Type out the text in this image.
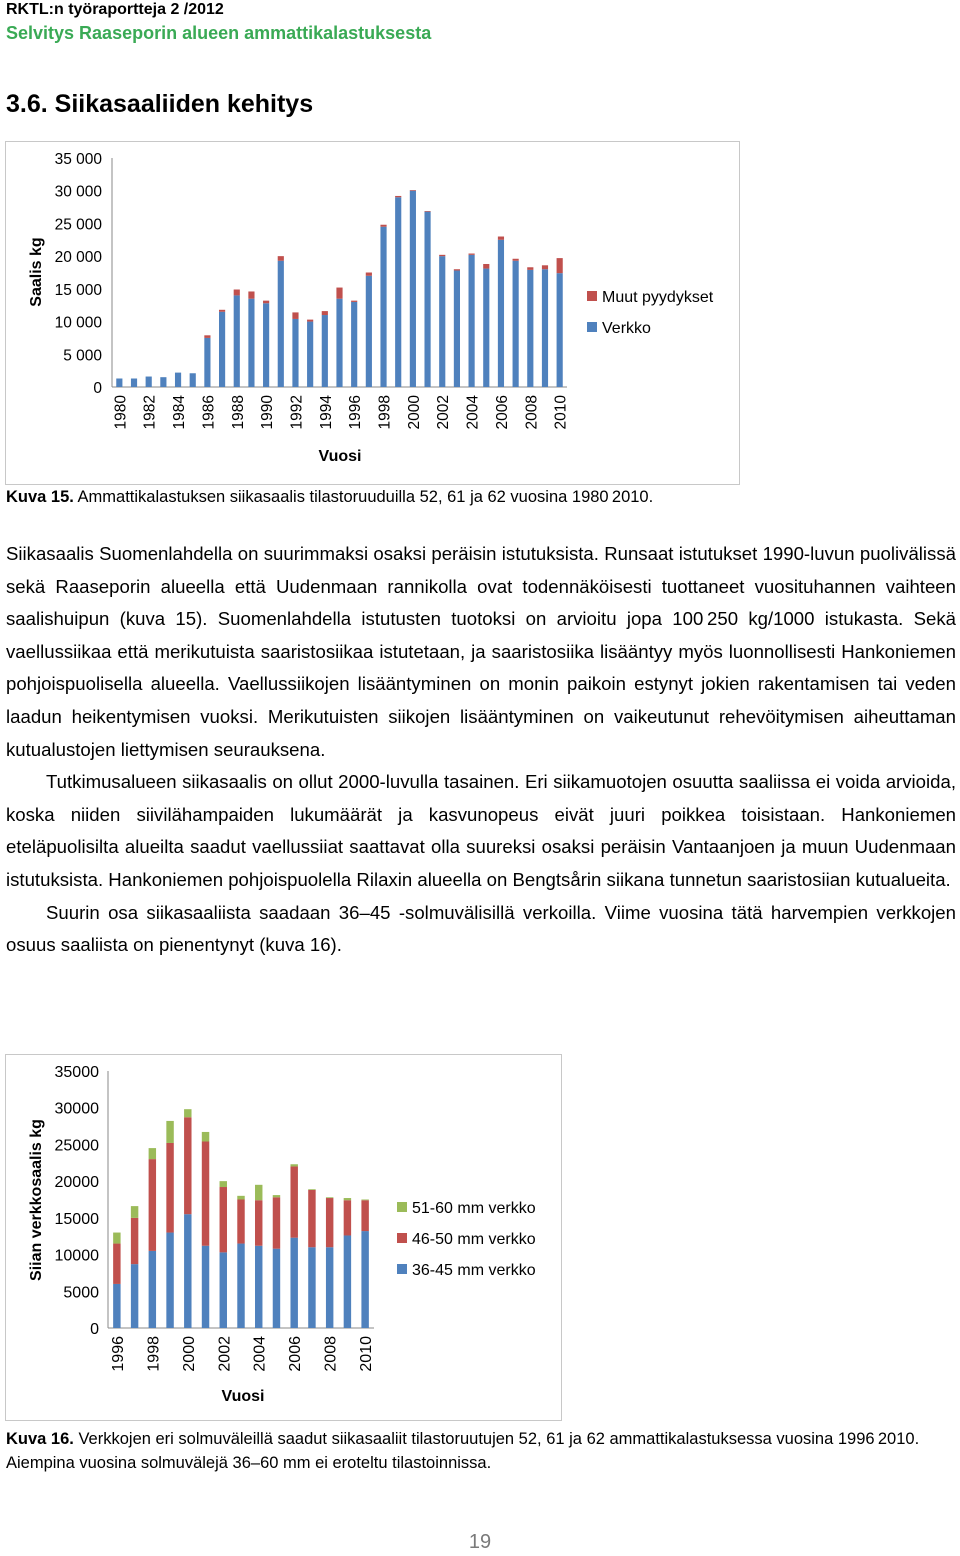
RKTL:n työraportteja 2 /2012
Selvitys Raaseporin alueen ammattikalastuksesta
3.6. Siikasaaliiden kehitys
0
5 000
10 000
15 000
20 000
25 000
30 000
35 000
1980 1982 1984 1986 1988 1990 1992 1994 1996 1998 2000 2002 2004 2006 2008 2010
Vuosi
Saalis kg	Muut pyydykset
Verkko
Kuva 15. Ammattikalastuksen siikasaalis tilastoruuduilla 52, 61 ja 62 vuosina 1980 2010.

Siikasaalis Suomenlahdella on suurimmaksi osaksi peräisin istutuksista. Runsaat istutukset 1990-luvun puolivälissä sekä Raaseporin alueella että Uudenmaan rannikolla ovat todennäköisesti tuottaneet vuosituhannen vaihteen saalishuipun (kuva 15). Suomenlahdella istutusten tuotoksi on arvioitu jopa 100 250 kg/1000 istukasta. Sekä vaellussiikaa että merikutuista saaristosiikaa istutetaan, ja saaristosiika lisääntyy myös luonnollisesti Hankoniemen pohjoispuolisella alueella. Vaellussiikojen lisääntyminen on monin paikoin estynyt jokien rakentamisen tai veden laadun heikentymisen vuoksi. Merikutuisten siikojen lisääntyminen on vaikeutunut rehevöitymisen aiheuttaman kutualustojen liettymisen seurauksena.

Tutkimusalueen siikasaalis on ollut 2000-luvulla tasainen. Eri siikamuotojen osuutta saaliissa ei voida arvioida, koska niiden siivilähampaiden lukumäärät ja kasvunopeus eivät juuri poikkea toisistaan. Hankoniemen eteläpuolisilta alueilta saadut vaellussiiat saattavat olla suureksi osaksi peräisin Vantaanjoen ja muun Uudenmaan istutuksista. Hankoniemen pohjoispuolella Rilaxin alueella on Bengtsårin siikana tunnetun saaristosiian kutualueita.

Suurin osa siikasaaliista saadaan 36–45 -solmuvälisillä verkoilla. Viime vuosina tätä harvempien verkkojen osuus saaliista on pienentynyt (kuva 16).

0
5000
10000
15000
20000
25000
30000
35000
1996 1998 2000 2002 2004 2006 2008 2010
Vuosi
Siian verkkosaalis kg	51-60 mm verkko
46-50 mm verkko
36-45 mm verkko
Kuva 16. Verkkojen eri solmuväleillä saadut siikasaaliit tilastoruutujen 52, 61 ja 62 ammattikalastuksessa vuosina 1996 2010. Aiempina vuosina solmuvälejä 36–60 mm ei eroteltu tilastoinnissa.
19
